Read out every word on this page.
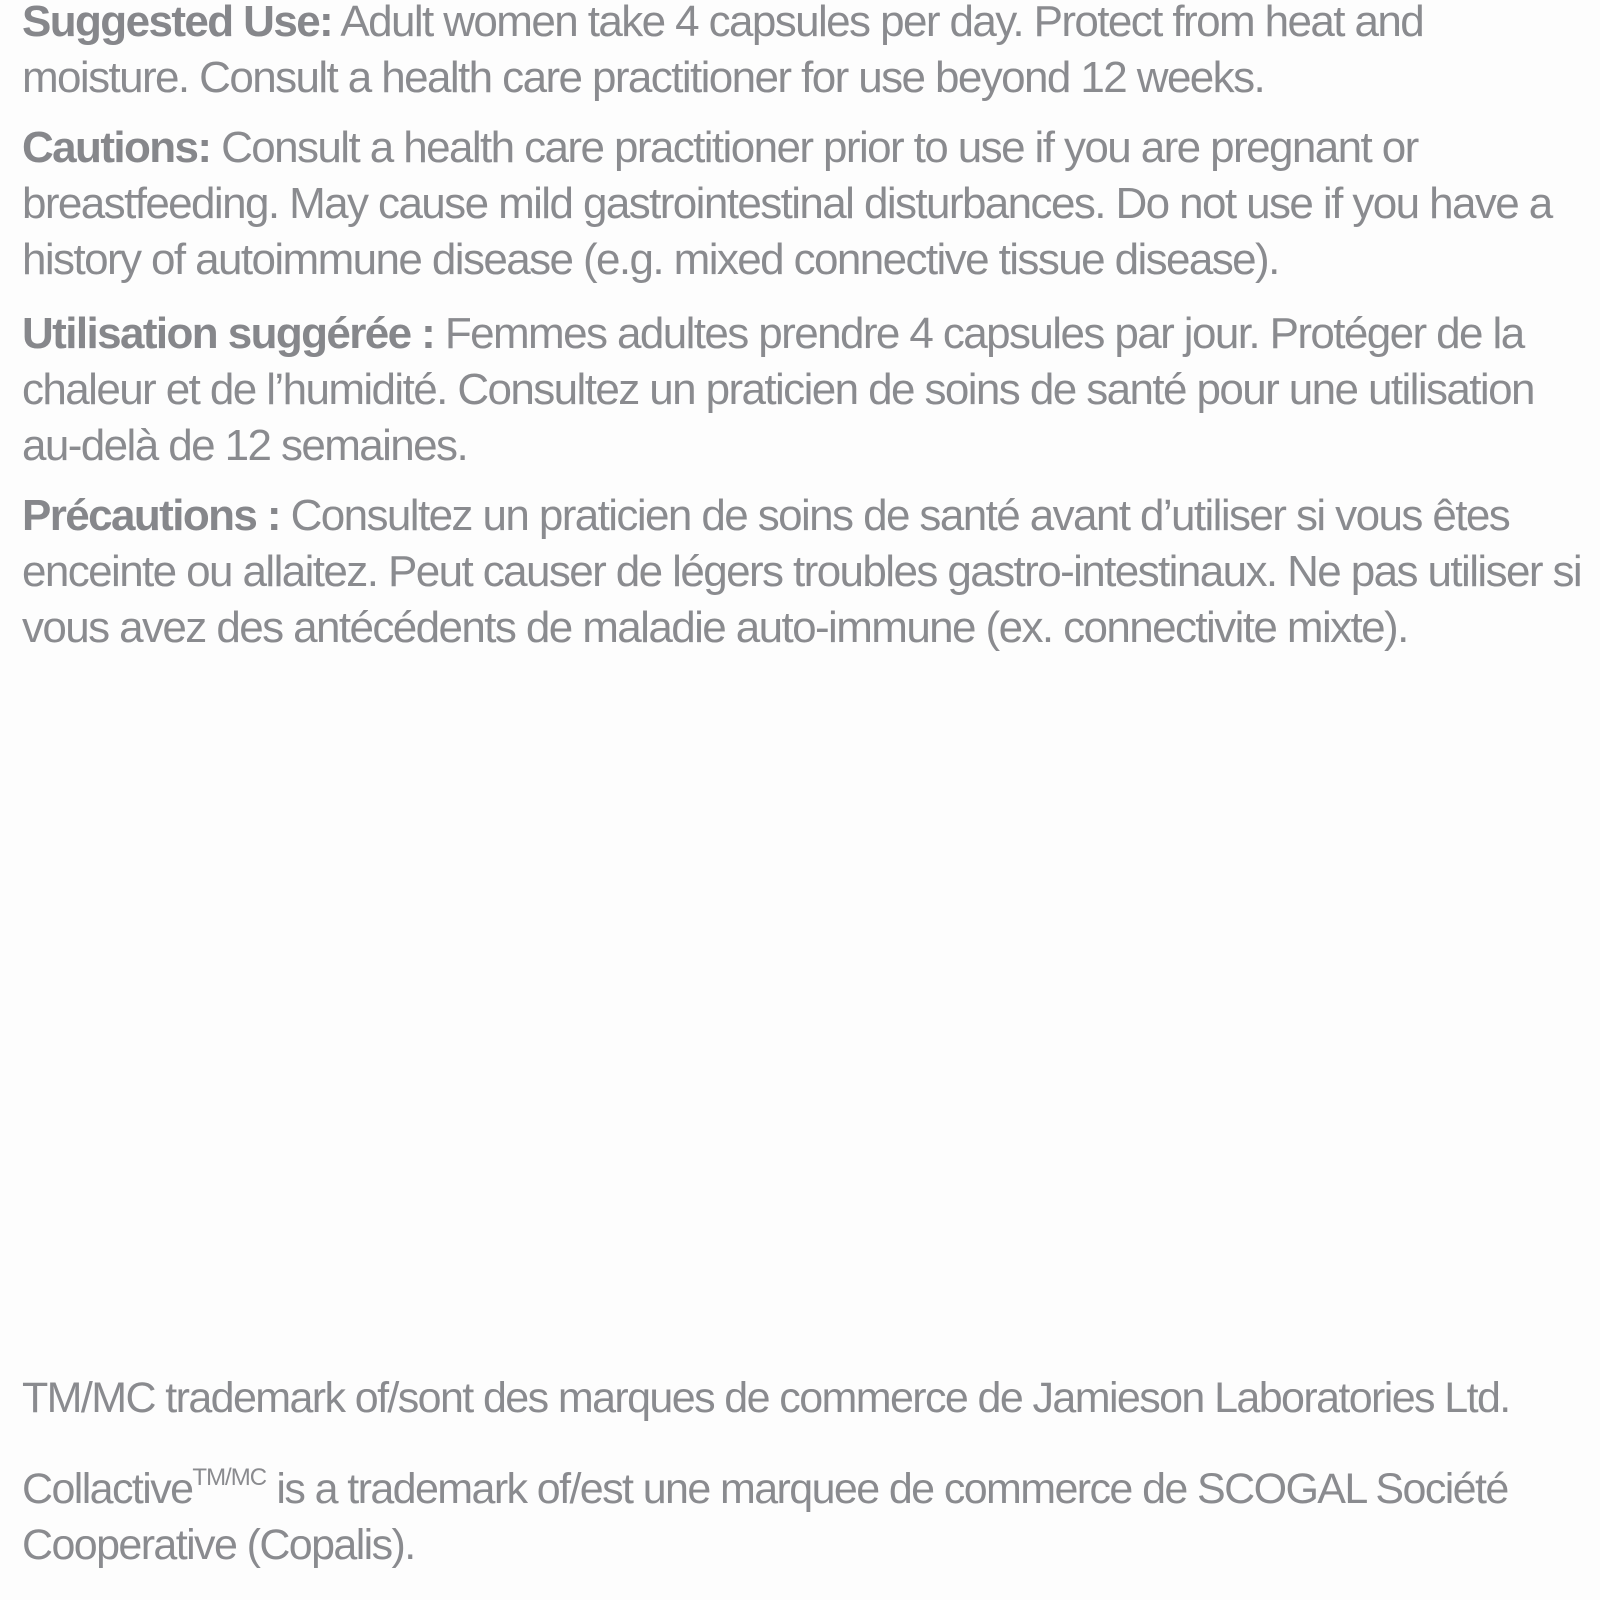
Suggested Use: Adult women take 4 capsules per day. Protect from heat and moisture. Consult a health care practitioner for use beyond 12 weeks.

Cautions: Consult a health care practitioner prior to use if you are pregnant or breastfeeding. May cause mild gastrointestinal disturbances. Do not use if you have a history of autoimmune disease (e.g. mixed connective tissue disease).

Utilisation suggérée : Femmes adultes prendre 4 capsules par jour. Protéger de la chaleur et de l’humidité. Consultez un praticien de soins de santé pour une utilisation au-delà de 12 semaines.

Précautions : Consultez un praticien de soins de santé avant d’utiliser si vous êtes enceinte ou allaitez. Peut causer de légers troubles gastro-intestinaux. Ne pas utiliser si vous avez des antécédents de maladie auto-immune (ex. connectivite mixte).

TM/MC trademark of/sont des marques de commerce de Jamieson Laboratories Ltd.
Collactive$^{TM/MC}$ is a trademark of/est une marquee de commerce de SCOGAL Société Cooperative (Copalis).
